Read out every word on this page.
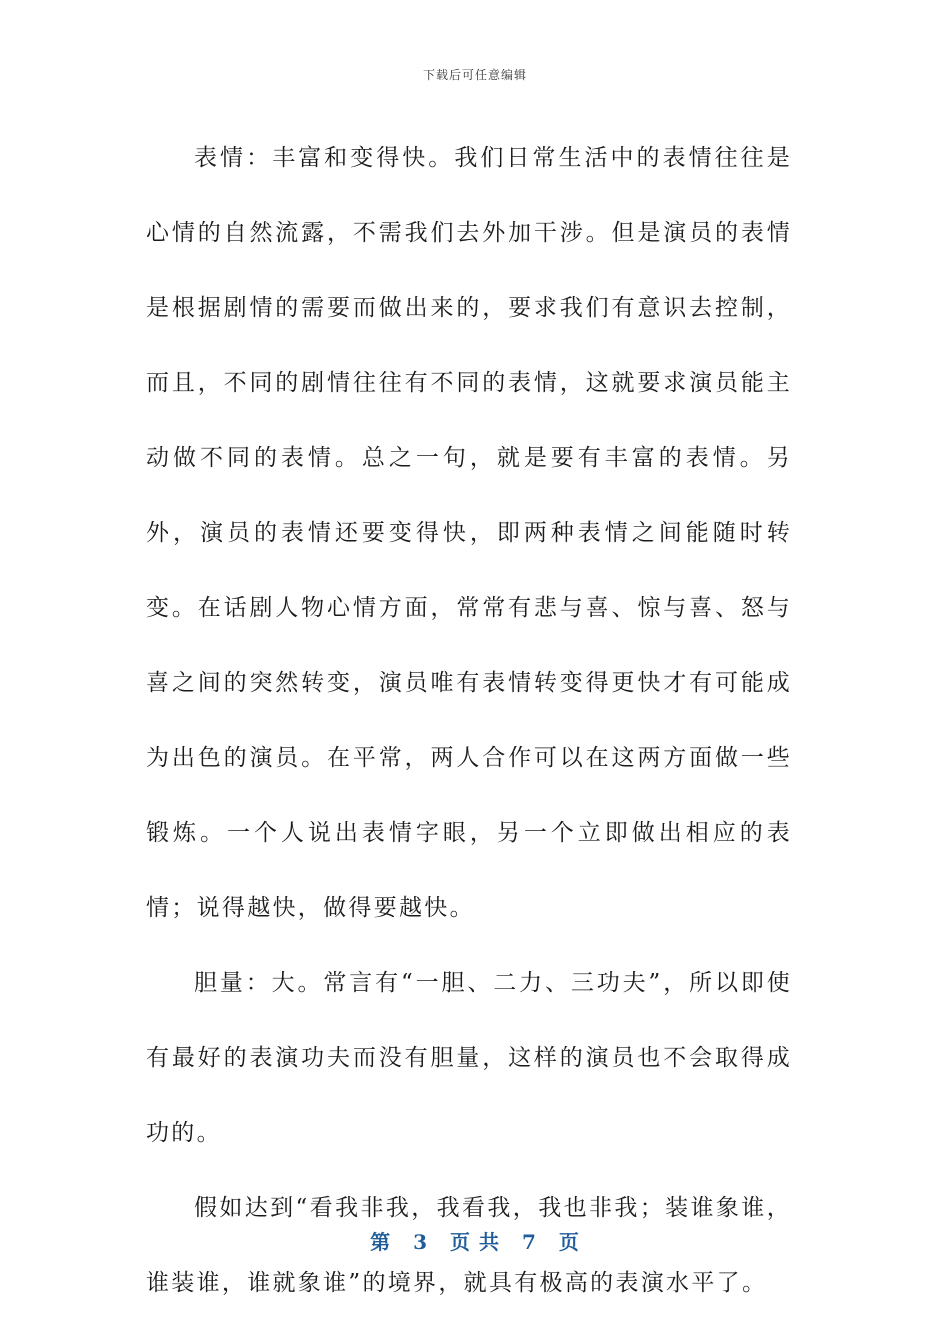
下载后可任意编辑

表情：丰富和变得快。我们日常生活中的表情往往是心情的自然流露，不需我们去外加干涉。但是演员的表情是根据剧情的需要而做出来的，要求我们有意识去控制，而且，不同的剧情往往有不同的表情，这就要求演员能主动做不同的表情。总之一句，就是要有丰富的表情。另外，演员的表情还要变得快，即两种表情之间能随时转变。在话剧人物心情方面，常常有悲与喜、惊与喜、怒与喜之间的突然转变，演员唯有表情转变得更快才有可能成为出色的演员。在平常，两人合作可以在这两方面做一些锻炼。一个人说出表情字眼，另一个立即做出相应的表情；说得越快，做得要越快。

胆量：大。常言有“一胆、二力、三功夫”，所以即使有最好的表演功夫而没有胆量，这样的演员也不会取得成功的。

假如达到“看我非我，我看我，我也非我；装谁象谁，谁装谁，谁就象谁”的境界，就具有极高的表演水平了。

第 3 页 共 7 页
